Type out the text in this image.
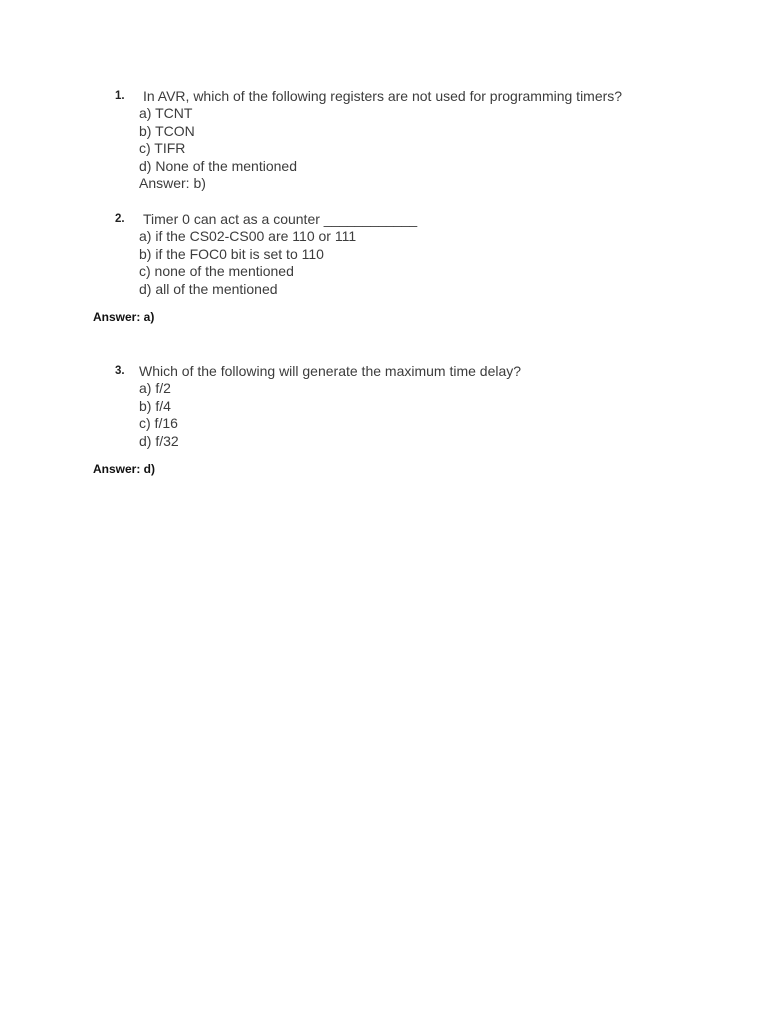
1. In AVR, which of the following registers are not used for programming timers?
a) TCNT
b) TCON
c) TIFR
d) None of the mentioned
Answer: b)
2. Timer 0 can act as a counter ____________
a) if the CS02-CS00 are 110 or 111
b) if the FOC0 bit is set to 110
c) none of the mentioned
d) all of the mentioned
Answer: a)
3. Which of the following will generate the maximum time delay?
a) f/2
b) f/4
c) f/16
d) f/32
Answer: d)
